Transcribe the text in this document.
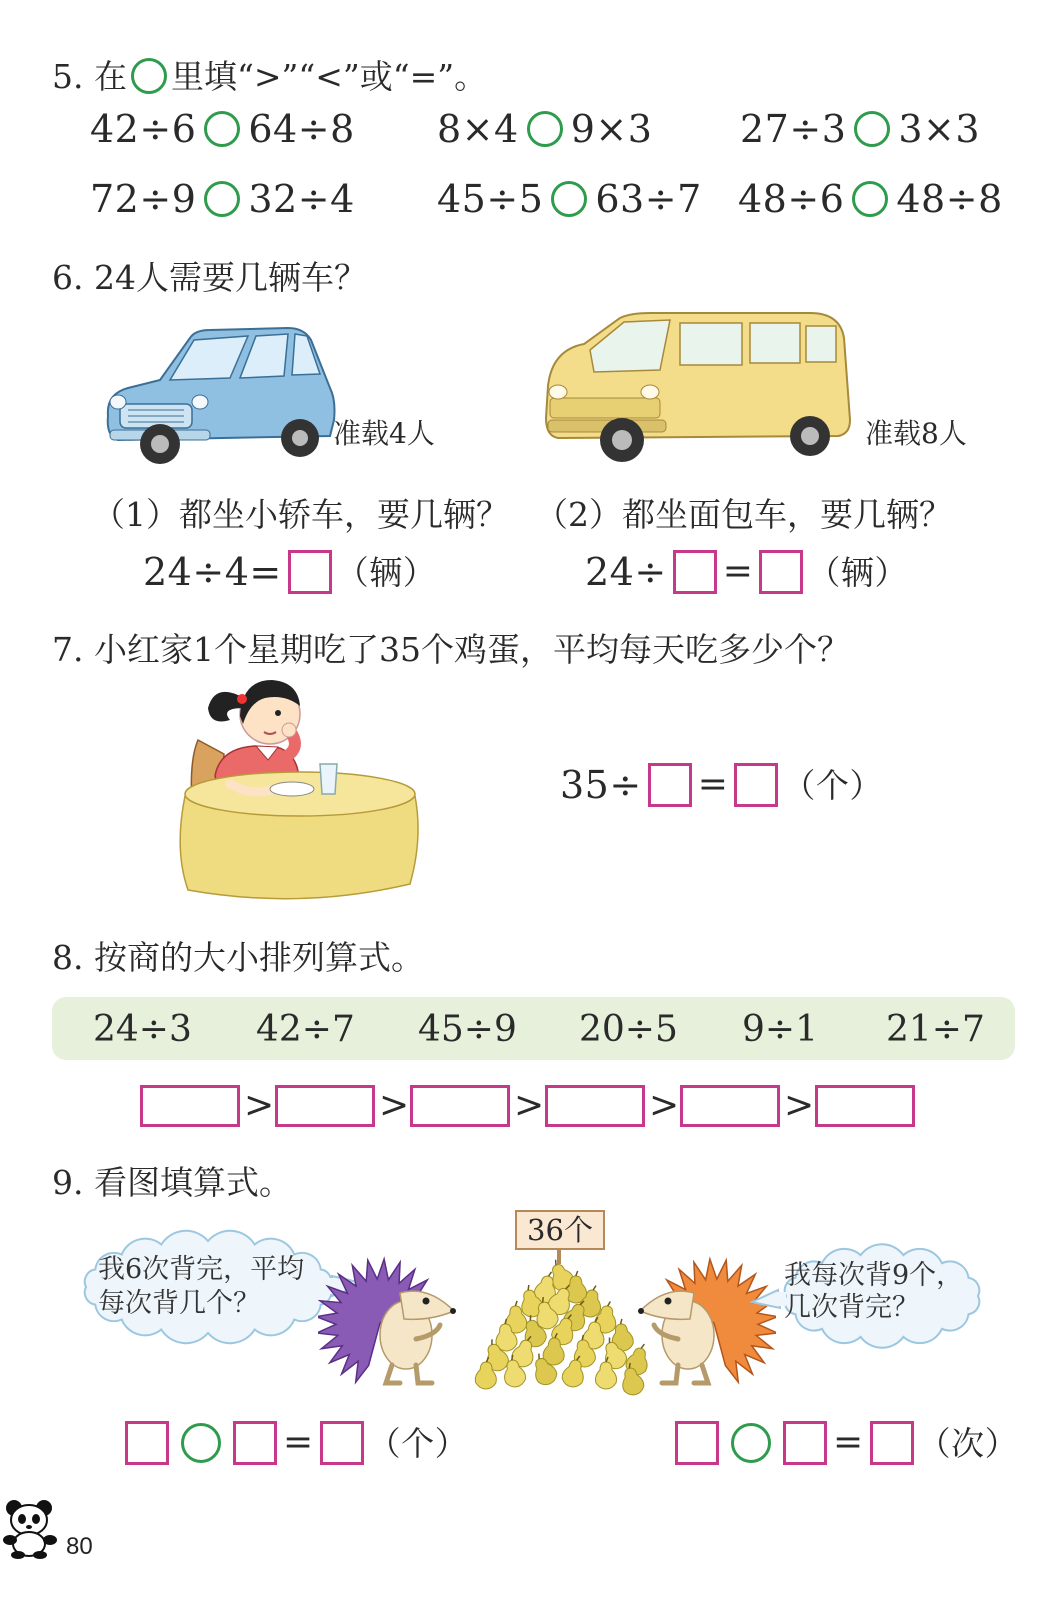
5. 在 里填“>”“<”或“=”。
42÷6 64÷8 8×4 9×3 27÷3 3×3
72÷9 32÷4 45÷5 63÷7 48÷6 48÷8
6. 24人需要几辆车？
准载4人	准载8人
（1）都坐小轿车，要几辆？
24÷4= （辆）
（2）都坐面包车，要几辆？
24÷ = （辆）
7. 小红家1个星期吃了35个鸡蛋，平均每天吃多少个？
35÷ = （个）
8. 按商的大小排列算式。
24÷3 42÷7 45÷9 20÷5 9÷1 21÷7
>	>	>	>	>
9. 看图填算式。
我6次背完，平均
每次背几个？
36个
我每次背9个，
几次背完？
= （个）	= （次）
80
